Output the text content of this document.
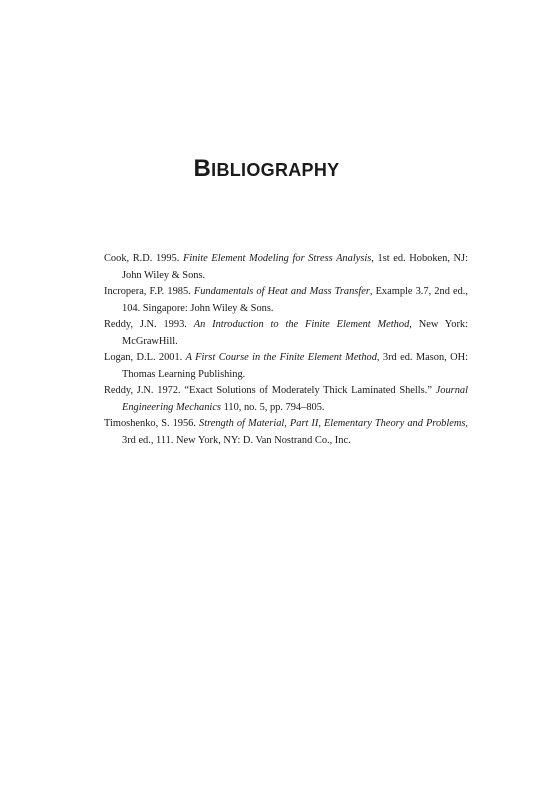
BIBLIOGRAPHY

Cook, R.D. 1995. Finite Element Modeling for Stress Analysis, 1st ed. Hoboken, NJ: John Wiley & Sons.

Incropera, F.P. 1985. Fundamentals of Heat and Mass Transfer, Example 3.7, 2nd ed., 104. Singapore: John Wiley & Sons.

Reddy, J.N. 1993. An Introduction to the Finite Element Method, New York: McGrawHill.

Logan, D.L. 2001. A First Course in the Finite Element Method, 3rd ed. Mason, OH: Thomas Learning Publishing.

Reddy, J.N. 1972. “Exact Solutions of Moderately Thick Laminated Shells.” Journal Engineering Mechanics 110, no. 5, pp. 794–805.

Timoshenko, S. 1956. Strength of Material, Part II, Elementary Theory and Problems, 3rd ed., 111. New York, NY: D. Van Nostrand Co., Inc.
